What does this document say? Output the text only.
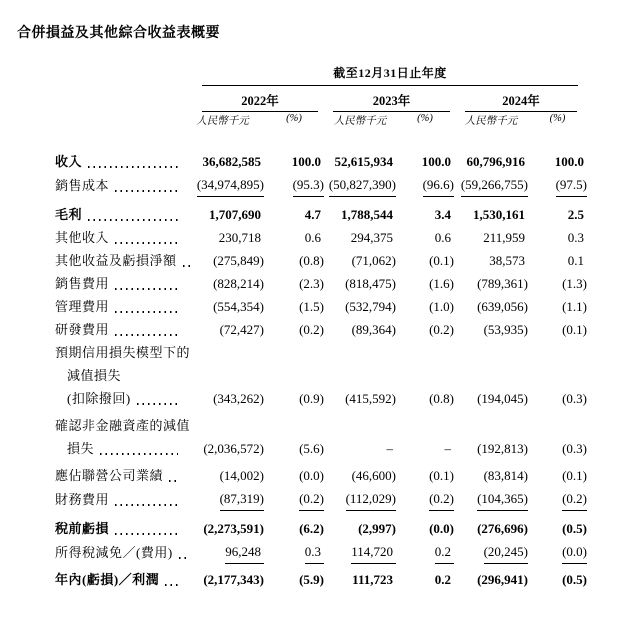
合併損益及其他綜合收益表概要
截至12月31日止年度
2022年	2023年	2024年
人民幣千元	(%)	人民幣千元	(%)	人民幣千元	(%)
收入	36,682,585	100.0	52,615,934	100.0	60,796,916	100.0
銷售成本	(34,974,895)	(95.3) (50,827,390)	(96.6) (59,266,755)	(97.5)
毛利	1,707,690	4.7	1,788,544	3.4	1,530,161	2.5
其他收入	230,718	0.6	294,375	0.6	211,959	0.3
其他收益及虧損淨額	(275,849)	(0.8)	(71,062)	(0.1)	38,573	0.1
銷售費用	(828,214)	(2.3)	(818,475)	(1.6)	(789,361)	(1.3)
管理費用	(554,354)	(1.5)	(532,794)	(1.0)	(639,056)	(1.1)
研發費用	(72,427)	(0.2)	(89,364)	(0.2)	(53,935)	(0.1)
預期信用損失模型下的
減值損失
(扣除撥回)	(343,262)	(0.9)	(415,592)	(0.8)	(194,045)	(0.3)
確認非金融資產的減值
損失	(2,036,572)	(5.6)	–	–	(192,813)	(0.3)
應佔聯營公司業績	(14,002)	(0.0)	(46,600)	(0.1)	(83,814)	(0.1)
財務費用	(87,319)	(0.2)	(112,029)	(0.2)	(104,365)	(0.2)
稅前虧損	(2,273,591)	(6.2)	(2,997)	(0.0)	(276,696)	(0.5)
所得稅減免／(費用)	96,248	0.3	114,720	0.2	(20,245)	(0.0)
年內(虧損)／利潤	(2,177,343)	(5.9)	111,723	0.2	(296,941)	(0.5)
